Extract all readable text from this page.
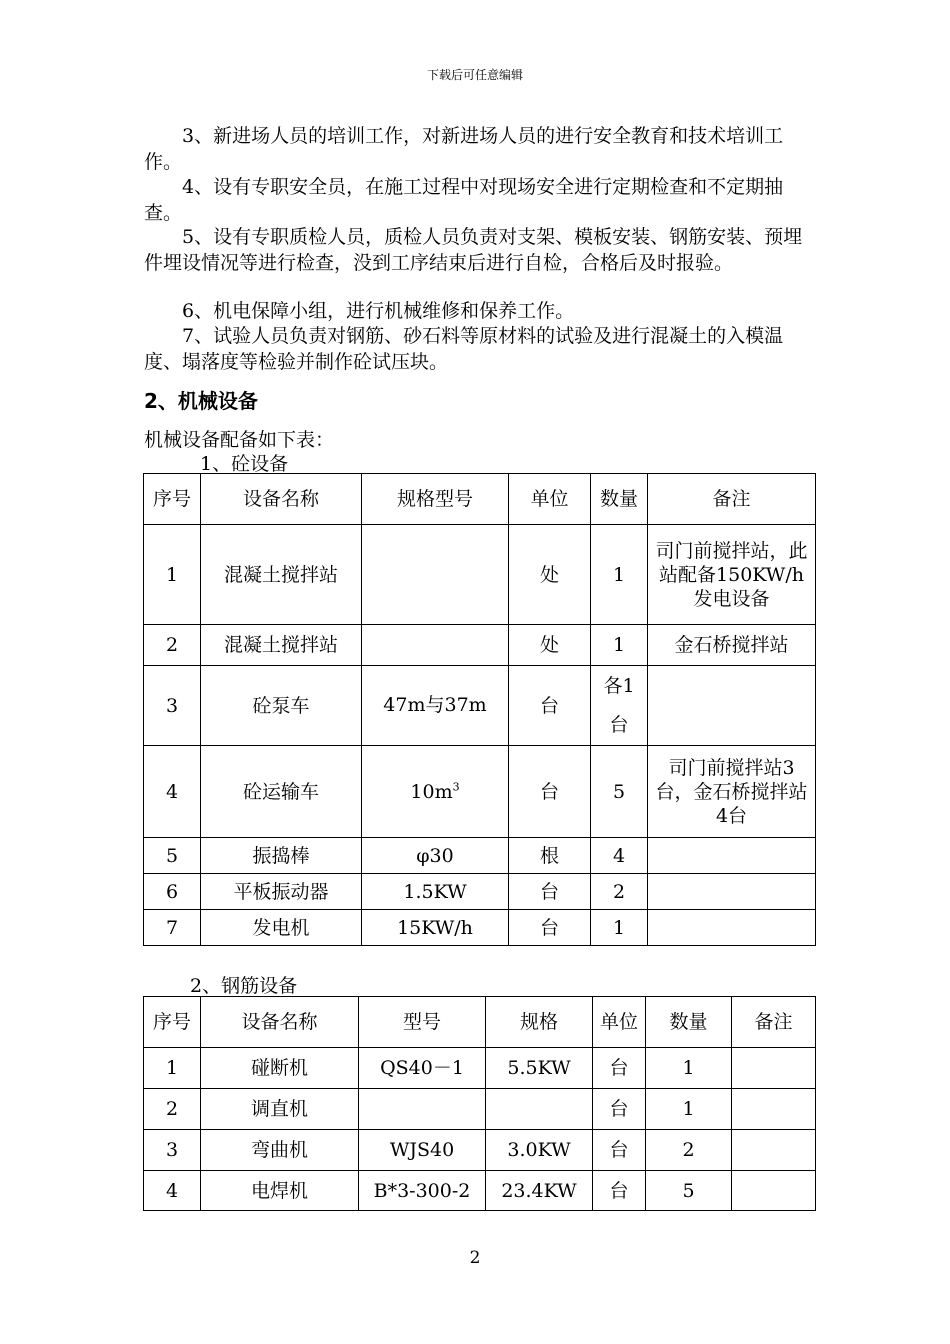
下载后可任意编辑
3、新进场人员的培训工作，对新进场人员的进行安全教育和技术培训工作。
4、设有专职安全员，在施工过程中对现场安全进行定期检查和不定期抽查。
5、设有专职质检人员，质检人员负责对支架、模板安装、钢筋安装、预埋件埋设情况等进行检查，没到工序结束后进行自检，合格后及时报验。
6、机电保障小组，进行机械维修和保养工作。
7、试验人员负责对钢筋、砂石料等原材料的试验及进行混凝土的入模温度、塌落度等检验并制作砼试压块。
2、机械设备
机械设备配备如下表：
1、砼设备
序号	设备名称	规格型号	单位	数量	备注
1	混凝土搅拌站		处	1	司门前搅拌站，此站配备150KW/h发电设备
2	混凝土搅拌站		处	1	金石桥搅拌站
3	砼泵车	47m与37m	台	各1台	
4	砼运输车	$10m^3$	台	5	司门前搅拌站3台，金石桥搅拌站4台
5	振捣棒	φ30	根	4	
6	平板振动器	1.5KW	台	2	
7	发电机	15KW/h	台	1	
2、钢筋设备
序号	设备名称	型号	规格	单位	数量	备注
1	碰断机	QS40－1	5.5KW	台	1	
2	调直机			台	1	
3	弯曲机	WJS40	3.0KW	台	2	
4	电焊机	B*3-300-2	23.4KW	台	5	
2
